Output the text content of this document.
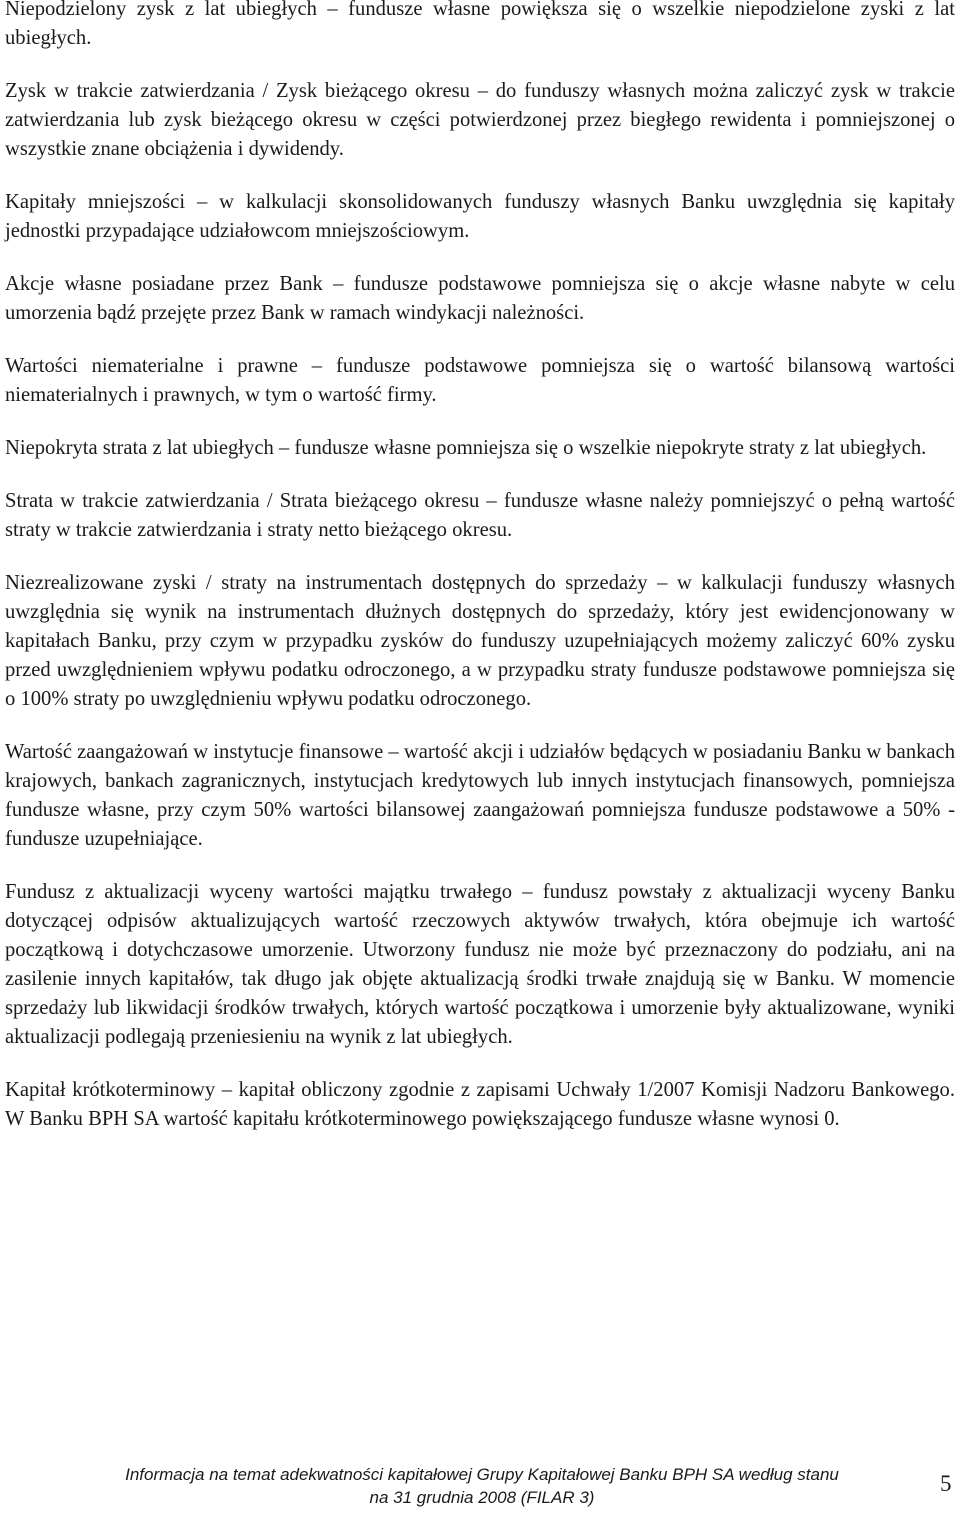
Niepodzielony zysk z lat ubiegłych – fundusze własne powiększa się o wszelkie niepodzielone zyski z lat ubiegłych.

Zysk w trakcie zatwierdzania / Zysk bieżącego okresu – do funduszy własnych można zaliczyć zysk w trakcie zatwierdzania lub zysk bieżącego okresu w części potwierdzonej przez biegłego rewidenta i pomniejszonej o wszystkie znane obciążenia i dywidendy.

Kapitały mniejszości – w kalkulacji skonsolidowanych funduszy własnych Banku uwzględnia się kapitały jednostki przypadające udziałowcom mniejszościowym.

Akcje własne posiadane przez Bank – fundusze podstawowe pomniejsza się o akcje własne nabyte w celu umorzenia bądź przejęte przez Bank w ramach windykacji należności.

Wartości niematerialne i prawne – fundusze podstawowe pomniejsza się o wartość bilansową wartości niematerialnych i prawnych, w tym o wartość firmy.

Niepokryta strata z lat ubiegłych – fundusze własne pomniejsza się o wszelkie niepokryte straty z lat ubiegłych.

Strata w trakcie zatwierdzania / Strata bieżącego okresu – fundusze własne należy pomniejszyć o pełną wartość straty w trakcie zatwierdzania i straty netto bieżącego okresu.

Niezrealizowane zyski / straty na instrumentach dostępnych do sprzedaży – w kalkulacji funduszy własnych uwzględnia się wynik na instrumentach dłużnych dostępnych do sprzedaży, który jest ewidencjonowany w kapitałach Banku, przy czym w przypadku zysków do funduszy uzupełniających możemy zaliczyć 60% zysku przed uwzględnieniem wpływu podatku odroczonego, a w przypadku straty fundusze podstawowe pomniejsza się o 100% straty po uwzględnieniu wpływu podatku odroczonego.

Wartość zaangażowań w instytucje finansowe – wartość akcji i udziałów będących w posiadaniu Banku w bankach krajowych, bankach zagranicznych, instytucjach kredytowych lub innych instytucjach finansowych, pomniejsza fundusze własne, przy czym 50% wartości bilansowej zaangażowań pomniejsza fundusze podstawowe a 50% - fundusze uzupełniające.

Fundusz z aktualizacji wyceny wartości majątku trwałego – fundusz powstały z aktualizacji wyceny Banku dotyczącej odpisów aktualizujących wartość rzeczowych aktywów trwałych, która obejmuje ich wartość początkową i dotychczasowe umorzenie. Utworzony fundusz nie może być przeznaczony do podziału, ani na zasilenie innych kapitałów, tak długo jak objęte aktualizacją środki trwałe znajdują się w Banku. W momencie sprzedaży lub likwidacji środków trwałych, których wartość początkowa i umorzenie były aktualizowane, wyniki aktualizacji podlegają przeniesieniu na wynik z lat ubiegłych.

Kapitał krótkoterminowy – kapitał obliczony zgodnie z zapisami Uchwały 1/2007 Komisji Nadzoru Bankowego. W Banku BPH SA wartość kapitału krótkoterminowego powiększającego fundusze własne wynosi 0.

Informacja na temat adekwatności kapitałowej Grupy Kapitałowej Banku BPH SA według stanu
na 31 grudnia 2008 (FILAR 3)
5
